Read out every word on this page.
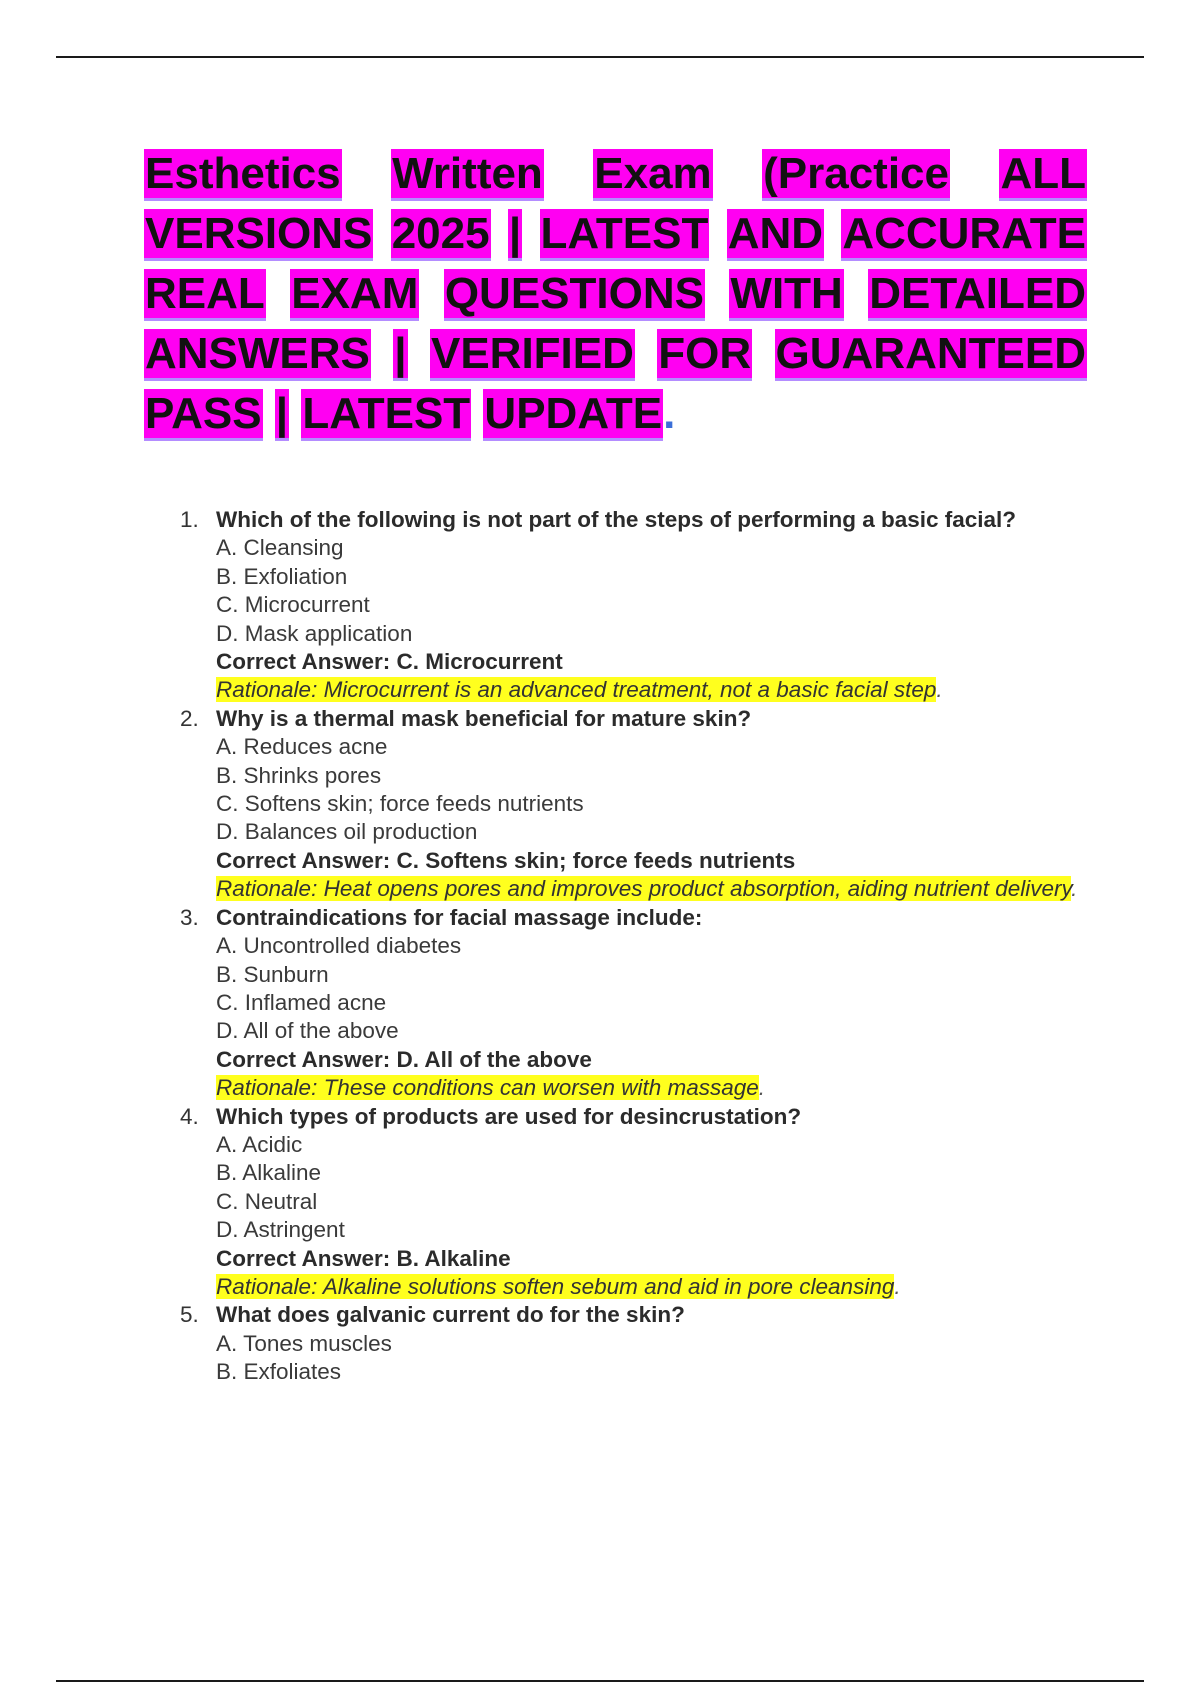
Esthetics Written Exam (Practice ALL VERSIONS 2025 | LATEST AND ACCURATE REAL EXAM QUESTIONS WITH DETAILED ANSWERS | VERIFIED FOR GUARANTEED PASS | LATEST UPDATE.
1. Which of the following is not part of the steps of performing a basic facial?
A. Cleansing
B. Exfoliation
C. Microcurrent
D. Mask application
Correct Answer: C. Microcurrent
Rationale: Microcurrent is an advanced treatment, not a basic facial step.
2. Why is a thermal mask beneficial for mature skin?
A. Reduces acne
B. Shrinks pores
C. Softens skin; force feeds nutrients
D. Balances oil production
Correct Answer: C. Softens skin; force feeds nutrients
Rationale: Heat opens pores and improves product absorption, aiding nutrient delivery.
3. Contraindications for facial massage include:
A. Uncontrolled diabetes
B. Sunburn
C. Inflamed acne
D. All of the above
Correct Answer: D. All of the above
Rationale: These conditions can worsen with massage.
4. Which types of products are used for desincrustation?
A. Acidic
B. Alkaline
C. Neutral
D. Astringent
Correct Answer: B. Alkaline
Rationale: Alkaline solutions soften sebum and aid in pore cleansing.
5. What does galvanic current do for the skin?
A. Tones muscles
B. Exfoliates
